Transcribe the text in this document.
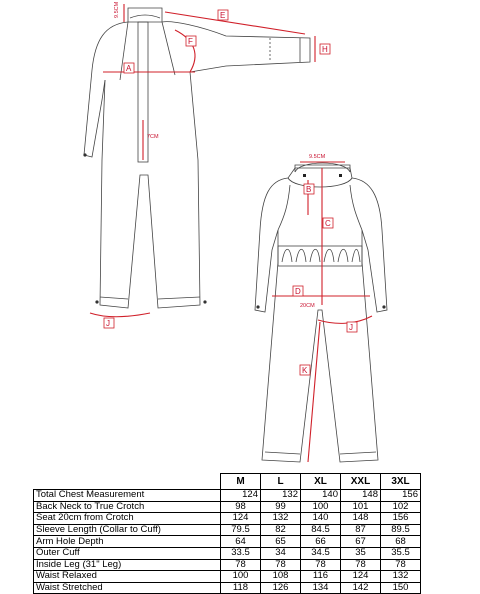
E
F
H
A
9.5CM
7CM
J
9.5CM
B
C
D
20CM
K
J
	M	L	XL	XXL	3XL
Total Chest Measurement	124	132	140	148	156
Back Neck to True Crotch	98	99	100	101	102
Seat 20cm from Crotch	124	132	140	148	156
Sleeve Length (Collar to Cuff)	79.5	82	84.5	87	89.5
Arm Hole Depth	64	65	66	67	68
Outer Cuff	33.5	34	34.5	35	35.5
Inside Leg (31" Leg)	78	78	78	78	78
Waist Relaxed	100	108	116	124	132
Waist Stretched	118	126	134	142	150
